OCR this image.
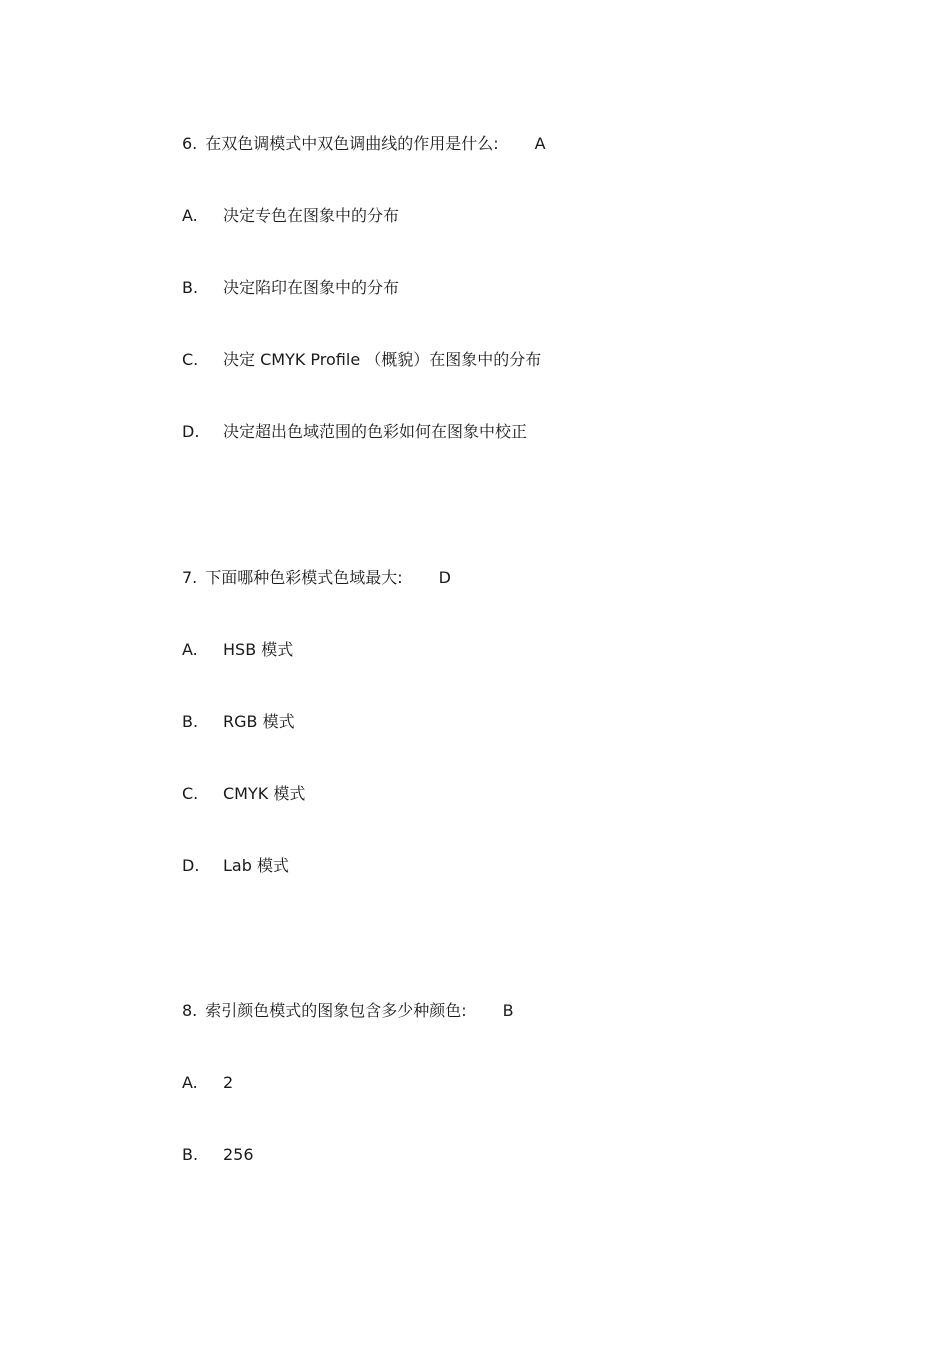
6. 在双色调模式中双色调曲线的作用是什么: A
A. 决定专色在图象中的分布
B. 决定陷印在图象中的分布
C. 决定 CMYK Profile （概貌）在图象中的分布
D. 决定超出色域范围的色彩如何在图象中校正
7. 下面哪种色彩模式色域最大: D
A. HSB 模式
B. RGB 模式
C. CMYK 模式
D. Lab 模式
8. 索引颜色模式的图象包含多少种颜色: B
A. 2
B. 256
